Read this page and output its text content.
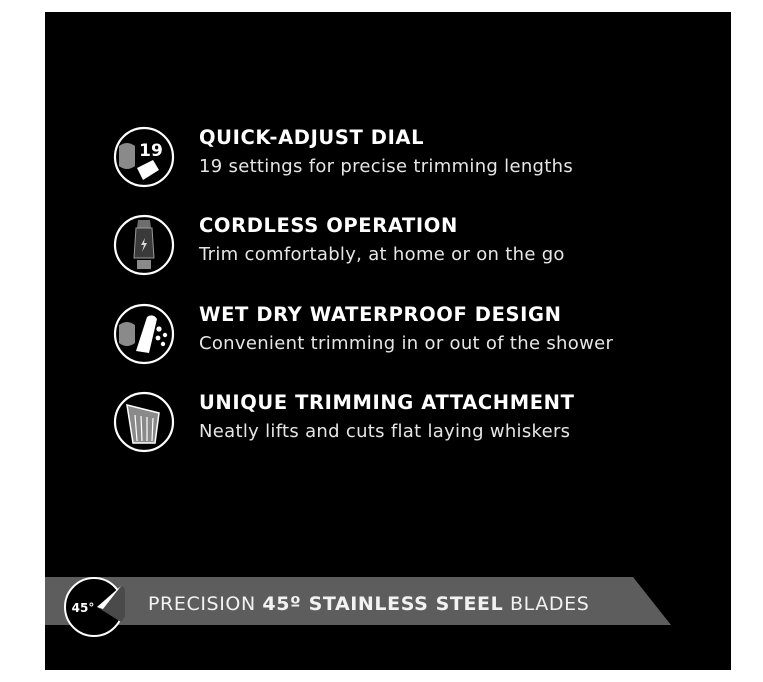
19
QUICK-ADJUST DIAL
19 settings for precise trimming lengths
CORDLESS OPERATION
Trim comfortably, at home or on the go
WET DRY WATERPROOF DESIGN
Convenient trimming in or out of the shower
UNIQUE TRIMMING ATTACHMENT
Neatly lifts and cuts flat laying whiskers
45°	PRECISION 45º STAINLESS STEEL BLADES
